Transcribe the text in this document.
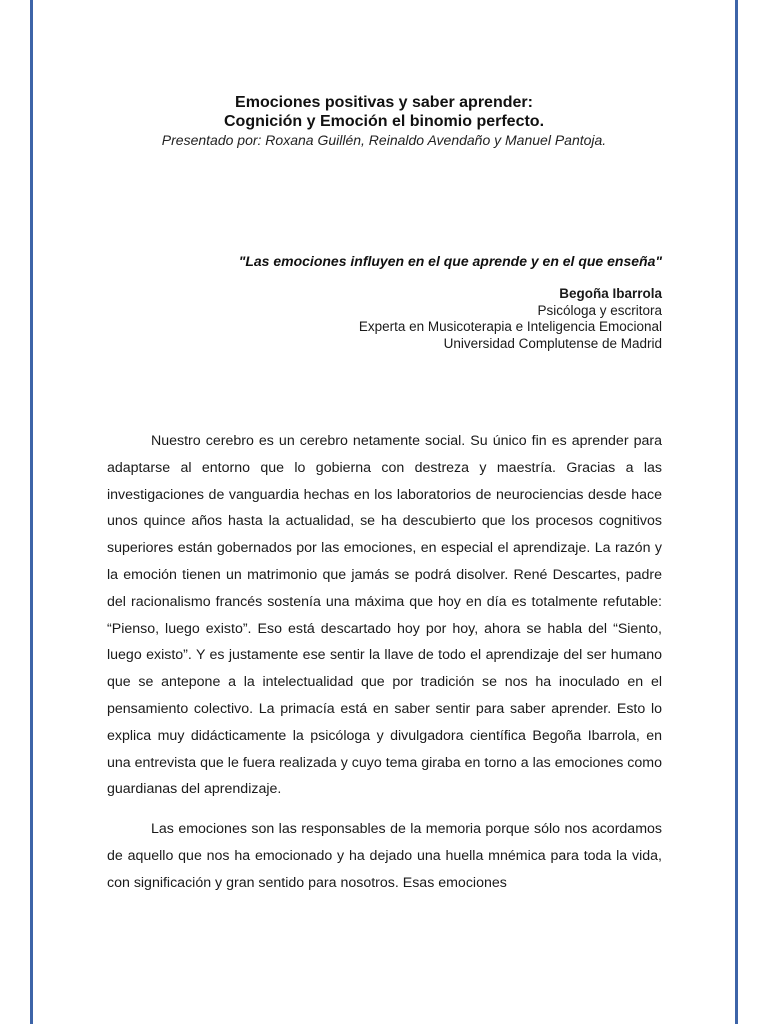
Emociones positivas y saber aprender:
Cognición y Emoción el binomio perfecto.
Presentado por: Roxana Guillén, Reinaldo Avendaño y Manuel Pantoja.
"Las emociones influyen en el que aprende y en el que enseña"
Begoña Ibarrola
Psicóloga y escritora
Experta en Musicoterapia e Inteligencia Emocional
Universidad Complutense de Madrid

Nuestro cerebro es un cerebro netamente social. Su único fin es aprender para adaptarse al entorno que lo gobierna con destreza y maestría. Gracias a las investigaciones de vanguardia hechas en los laboratorios de neurociencias desde hace unos quince años hasta la actualidad, se ha descubierto que los procesos cognitivos superiores están gobernados por las emociones, en especial el aprendizaje. La razón y la emoción tienen un matrimonio que jamás se podrá disolver. René Descartes, padre del racionalismo francés sostenía una máxima que hoy en día es totalmente refutable: “Pienso, luego existo”. Eso está descartado hoy por hoy, ahora se habla del “Siento, luego existo”. Y es justamente ese sentir la llave de todo el aprendizaje del ser humano que se antepone a la intelectualidad que por tradición se nos ha inoculado en el pensamiento colectivo. La primacía está en saber sentir para saber aprender. Esto lo explica muy didácticamente la psicóloga y divulgadora científica Begoña Ibarrola, en una entrevista que le fuera realizada y cuyo tema giraba en torno a las emociones como guardianas del aprendizaje.

Las emociones son las responsables de la memoria porque sólo nos acordamos de aquello que nos ha emocionado y ha dejado una huella mnémica para toda la vida, con significación y gran sentido para nosotros. Esas emociones
